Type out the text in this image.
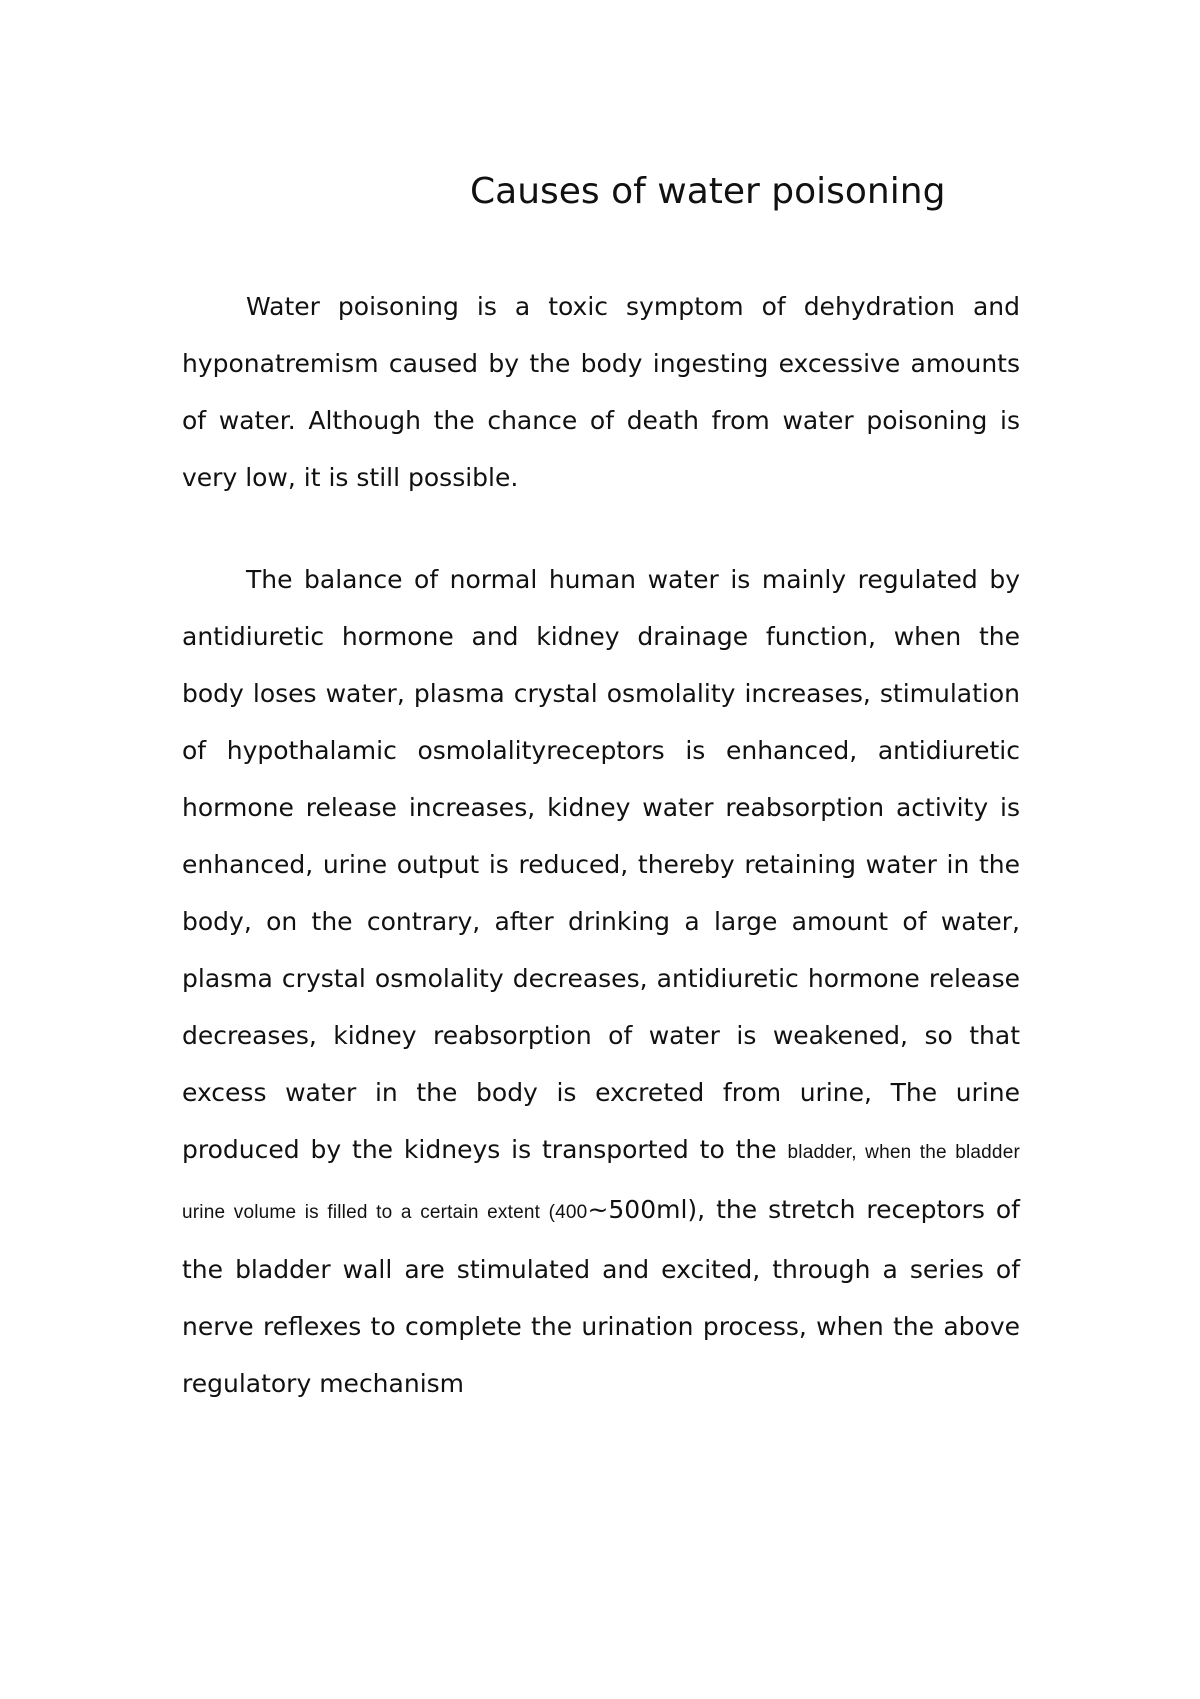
Causes of water poisoning

Water poisoning is a toxic symptom of dehydration and hyponatremism caused by the body ingesting excessive amounts of water. Although the chance of death from water poisoning is very low, it is still possible.

The balance of normal human water is mainly regulated by antidiuretic hormone and kidney drainage function, when the body loses water, plasma crystal osmolality increases, stimulation of hypothalamic osmolalityreceptors is enhanced, antidiuretic hormone release increases, kidney water reabsorption activity is enhanced, urine output is reduced, thereby retaining water in the body, on the contrary, after drinking a large amount of water, plasma crystal osmolality decreases, antidiuretic hormone release decreases, kidney reabsorption of water is weakened, so that excess water in the body is excreted from urine, The urine produced by the kidneys is transported to the bladder, when the bladder urine volume is filled to a certain extent (400~500ml), the stretch receptors of the bladder wall are stimulated and excited, through a series of nerve reflexes to complete the urination process, when the above regulatory mechanism
